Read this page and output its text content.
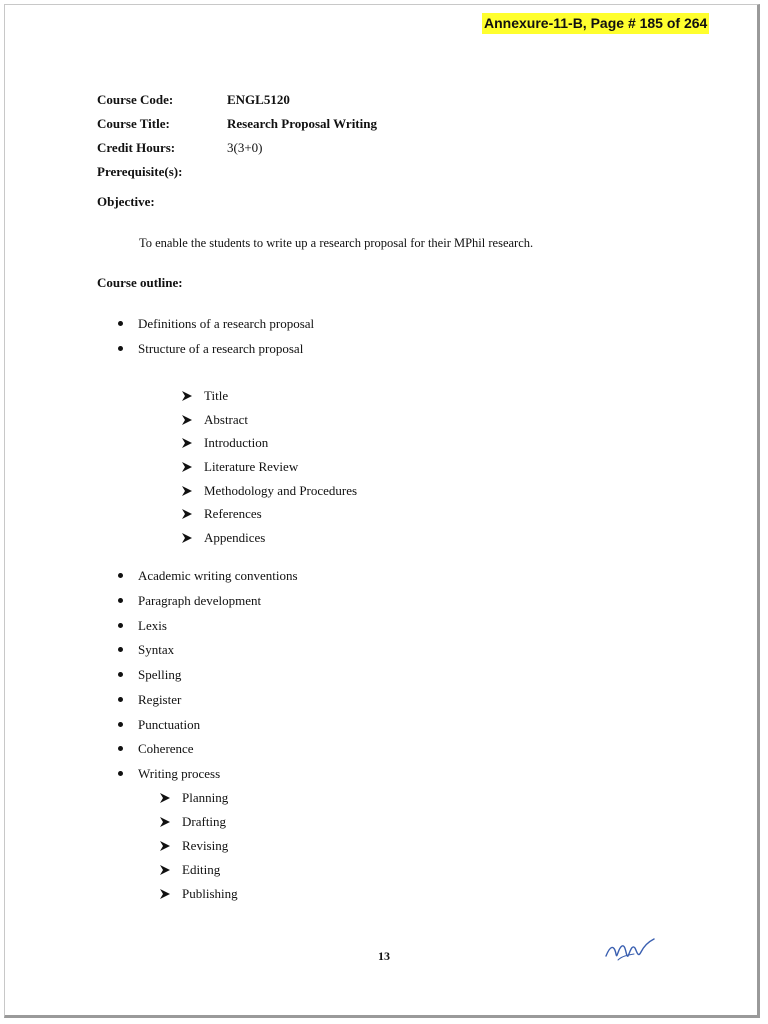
Annexure-11-B, Page # 185 of 264
Course Code:	ENGL5120
Course Title:	Research Proposal Writing
Credit Hours:	3(3+0)
Prerequisite(s):
Objective:
To enable the students to write up a research proposal for their MPhil research.
Course outline:
Definitions of a research proposal
Structure of a research proposal
Title
Abstract
Introduction
Literature Review
Methodology and Procedures
References
Appendices
Academic writing conventions
Paragraph development
Lexis
Syntax
Spelling
Register
Punctuation
Coherence
Writing process
Planning
Drafting
Revising
Editing
Publishing
13
